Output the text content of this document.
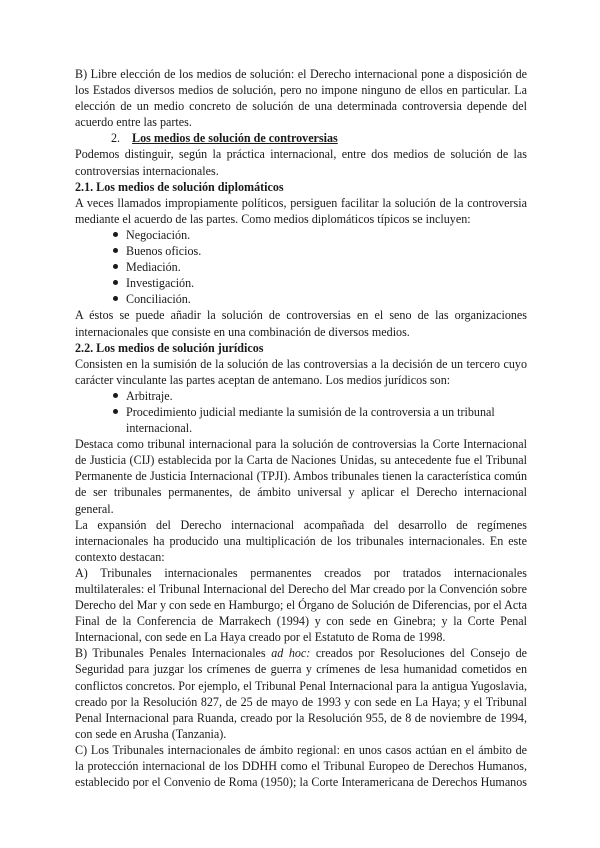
B) Libre elección de los medios de solución: el Derecho internacional pone a disposición de los Estados diversos medios de solución, pero no impone ninguno de ellos en particular. La elección de un medio concreto de solución de una determinada controversia depende del acuerdo entre las partes.

2. Los medios de solución de controversias

Podemos distinguir, según la práctica internacional, entre dos medios de solución de las controversias internacionales.

2.1. Los medios de solución diplomáticos

A veces llamados impropiamente políticos, persiguen facilitar la solución de la controversia mediante el acuerdo de las partes. Como medios diplomáticos típicos se incluyen:

Negociación.
Buenos oficios.
Mediación.
Investigación.
Conciliación.

A éstos se puede añadir la solución de controversias en el seno de las organizaciones internacionales que consiste en una combinación de diversos medios.

2.2. Los medios de solución jurídicos

Consisten en la sumisión de la solución de las controversias a la decisión de un tercero cuyo carácter vinculante las partes aceptan de antemano. Los medios jurídicos son:

Arbitraje.
Procedimiento judicial mediante la sumisión de la controversia a un tribunal internacional.

Destaca como tribunal internacional para la solución de controversias la Corte Internacional de Justicia (CIJ) establecida por la Carta de Naciones Unidas, su antecedente fue el Tribunal Permanente de Justicia Internacional (TPJI). Ambos tribunales tienen la característica común de ser tribunales permanentes, de ámbito universal y aplicar el Derecho internacional general.

La expansión del Derecho internacional acompañada del desarrollo de regímenes internacionales ha producido una multiplicación de los tribunales internacionales. En este contexto destacan:

A) Tribunales internacionales permanentes creados por tratados internacionales multilaterales: el Tribunal Internacional del Derecho del Mar creado por la Convención sobre Derecho del Mar y con sede en Hamburgo; el Órgano de Solución de Diferencias, por el Acta Final de la Conferencia de Marrakech (1994) y con sede en Ginebra; y la Corte Penal Internacional, con sede en La Haya creado por el Estatuto de Roma de 1998.

B) Tribunales Penales Internacionales ad hoc: creados por Resoluciones del Consejo de Seguridad para juzgar los crímenes de guerra y crímenes de lesa humanidad cometidos en conflictos concretos. Por ejemplo, el Tribunal Penal Internacional para la antigua Yugoslavia, creado por la Resolución 827, de 25 de mayo de 1993 y con sede en La Haya; y el Tribunal Penal Internacional para Ruanda, creado por la Resolución 955, de 8 de noviembre de 1994, con sede en Arusha (Tanzania).

C) Los Tribunales internacionales de ámbito regional: en unos casos actúan en el ámbito de la protección internacional de los DDHH como el Tribunal Europeo de Derechos Humanos, establecido por el Convenio de Roma (1950); la Corte Interamericana de Derechos Humanos
